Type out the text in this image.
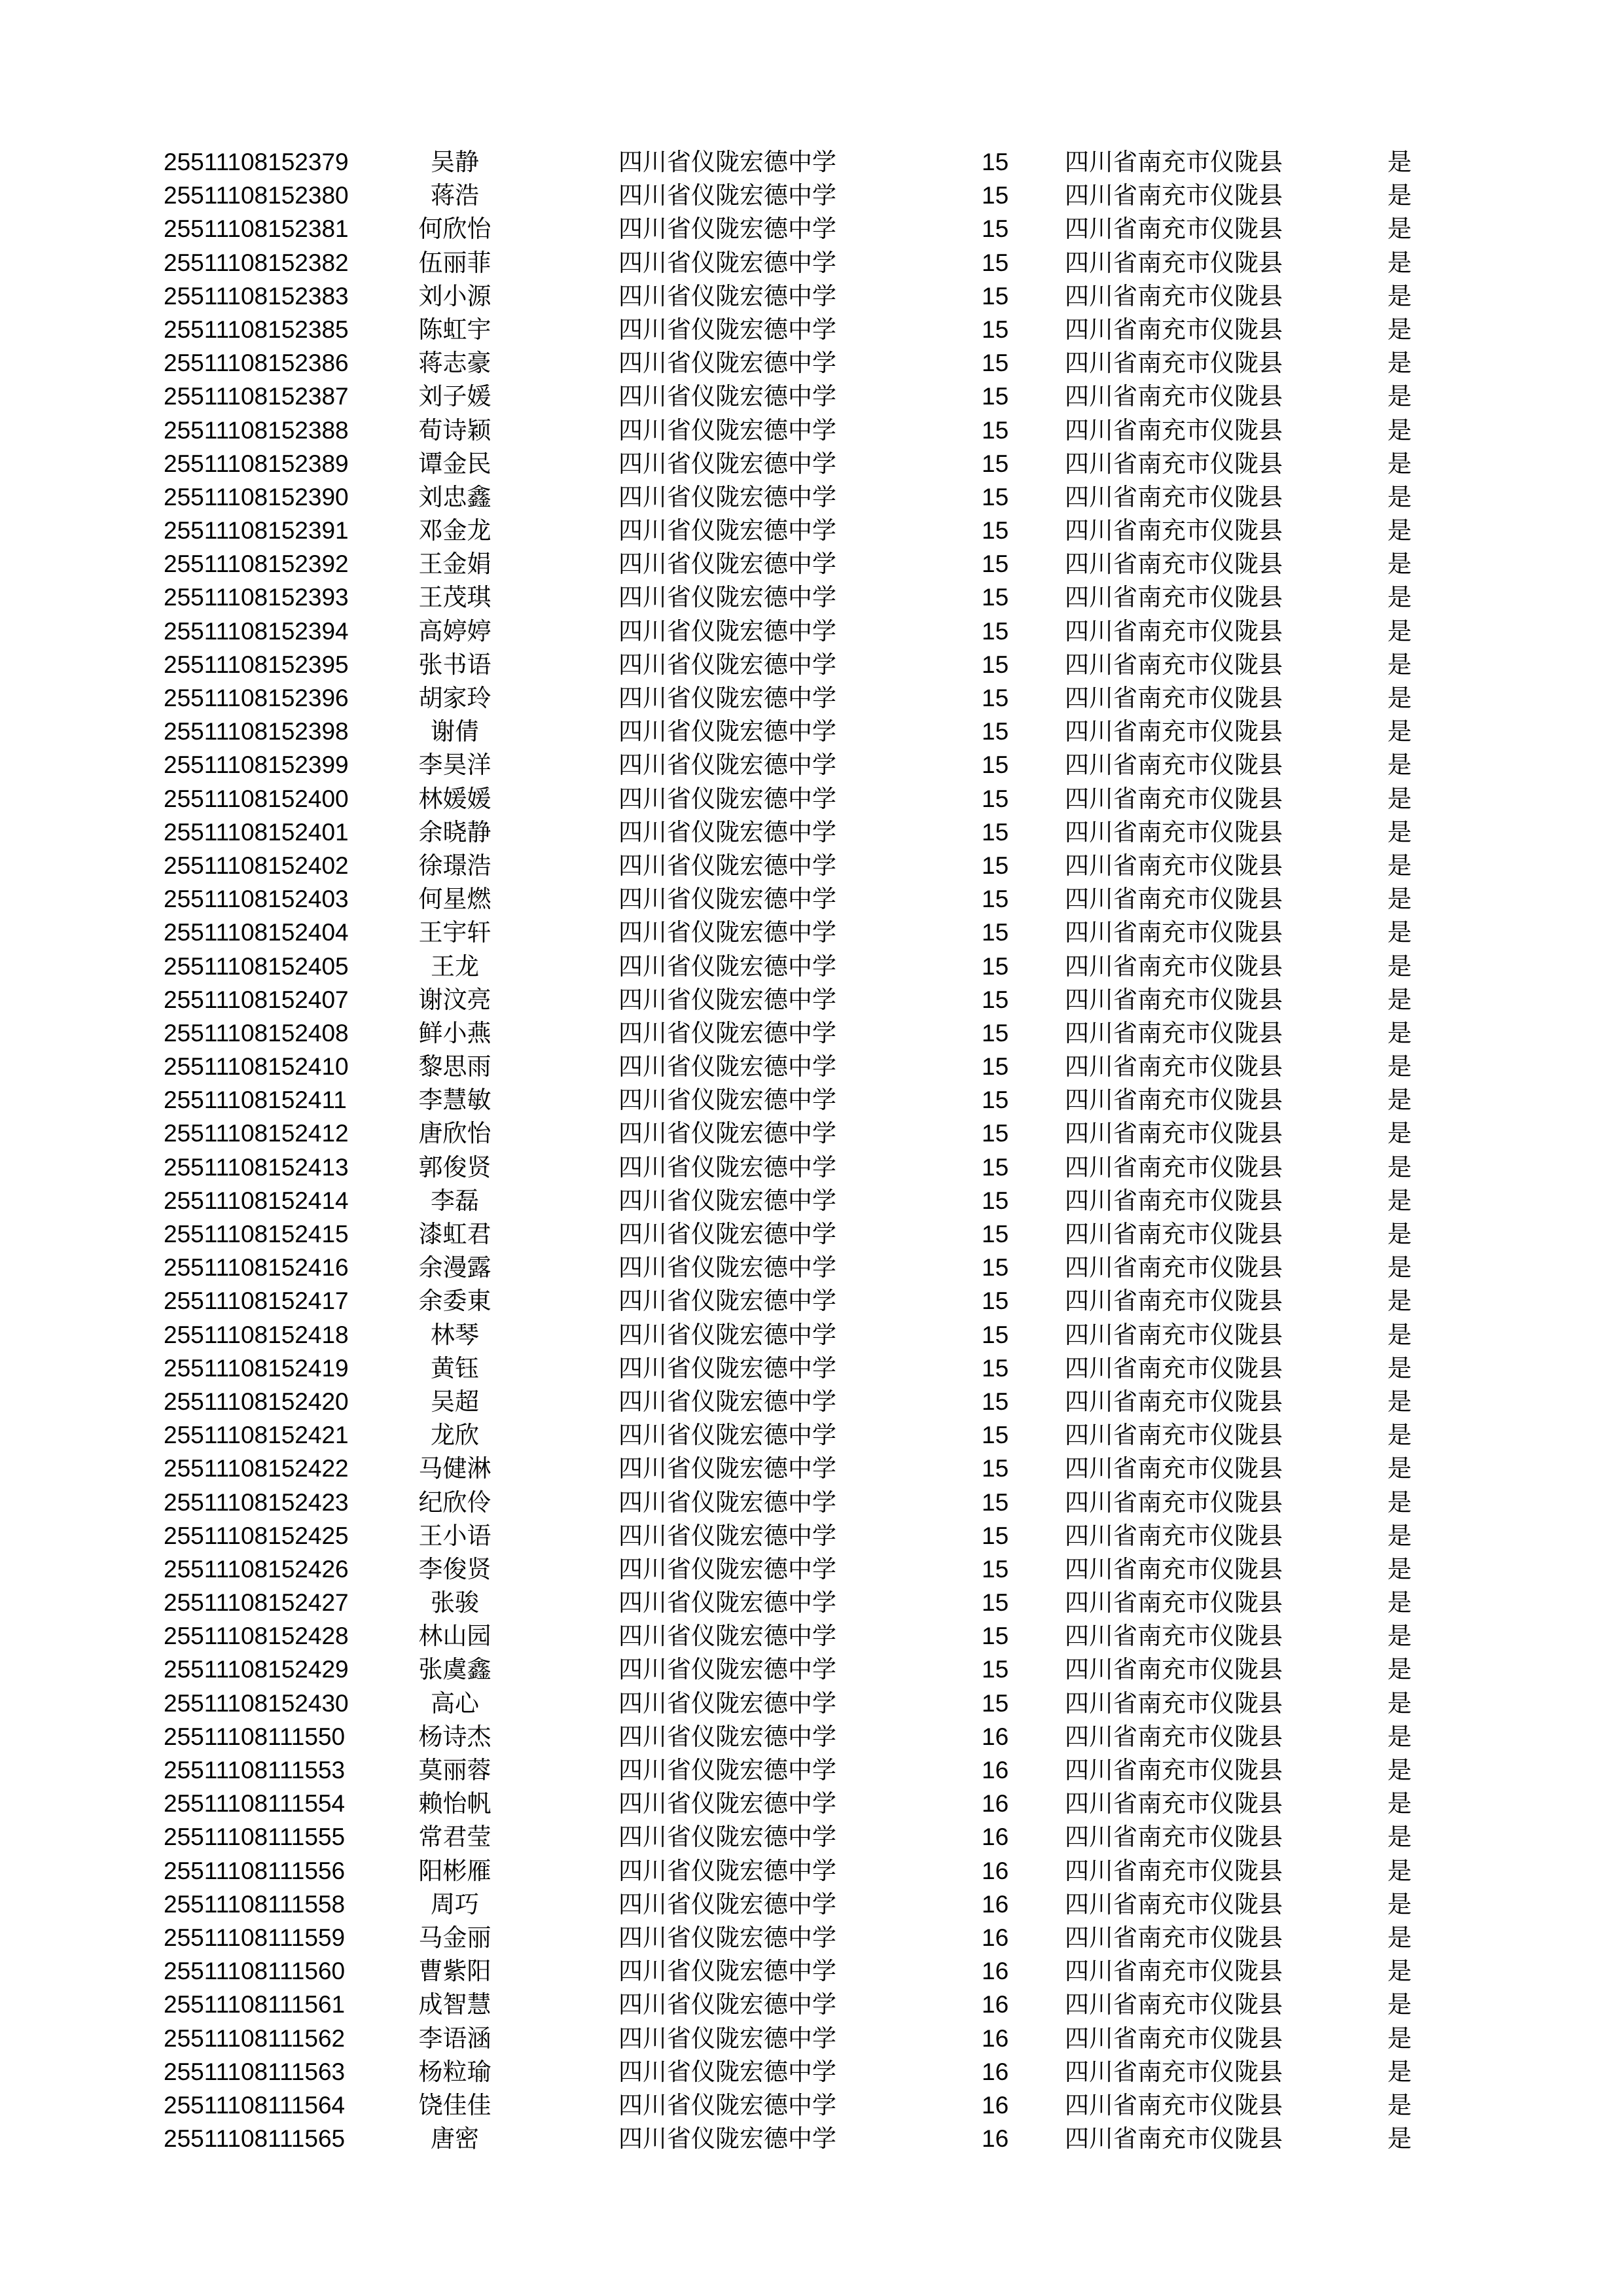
25511108152379	吴静	四川省仪陇宏德中学	15	四川省南充市仪陇县	是
25511108152380	蒋浩	四川省仪陇宏德中学	15	四川省南充市仪陇县	是
25511108152381	何欣怡	四川省仪陇宏德中学	15	四川省南充市仪陇县	是
25511108152382	伍丽菲	四川省仪陇宏德中学	15	四川省南充市仪陇县	是
25511108152383	刘小源	四川省仪陇宏德中学	15	四川省南充市仪陇县	是
25511108152385	陈虹宇	四川省仪陇宏德中学	15	四川省南充市仪陇县	是
25511108152386	蒋志豪	四川省仪陇宏德中学	15	四川省南充市仪陇县	是
25511108152387	刘子媛	四川省仪陇宏德中学	15	四川省南充市仪陇县	是
25511108152388	荀诗颖	四川省仪陇宏德中学	15	四川省南充市仪陇县	是
25511108152389	谭金民	四川省仪陇宏德中学	15	四川省南充市仪陇县	是
25511108152390	刘忠鑫	四川省仪陇宏德中学	15	四川省南充市仪陇县	是
25511108152391	邓金龙	四川省仪陇宏德中学	15	四川省南充市仪陇县	是
25511108152392	王金娟	四川省仪陇宏德中学	15	四川省南充市仪陇县	是
25511108152393	王茂琪	四川省仪陇宏德中学	15	四川省南充市仪陇县	是
25511108152394	高婷婷	四川省仪陇宏德中学	15	四川省南充市仪陇县	是
25511108152395	张书语	四川省仪陇宏德中学	15	四川省南充市仪陇县	是
25511108152396	胡家玲	四川省仪陇宏德中学	15	四川省南充市仪陇县	是
25511108152398	谢倩	四川省仪陇宏德中学	15	四川省南充市仪陇县	是
25511108152399	李昊洋	四川省仪陇宏德中学	15	四川省南充市仪陇县	是
25511108152400	林媛媛	四川省仪陇宏德中学	15	四川省南充市仪陇县	是
25511108152401	余晓静	四川省仪陇宏德中学	15	四川省南充市仪陇县	是
25511108152402	徐璟浩	四川省仪陇宏德中学	15	四川省南充市仪陇县	是
25511108152403	何星燃	四川省仪陇宏德中学	15	四川省南充市仪陇县	是
25511108152404	王宇轩	四川省仪陇宏德中学	15	四川省南充市仪陇县	是
25511108152405	王龙	四川省仪陇宏德中学	15	四川省南充市仪陇县	是
25511108152407	谢汶亮	四川省仪陇宏德中学	15	四川省南充市仪陇县	是
25511108152408	鲜小燕	四川省仪陇宏德中学	15	四川省南充市仪陇县	是
25511108152410	黎思雨	四川省仪陇宏德中学	15	四川省南充市仪陇县	是
25511108152411	李慧敏	四川省仪陇宏德中学	15	四川省南充市仪陇县	是
25511108152412	唐欣怡	四川省仪陇宏德中学	15	四川省南充市仪陇县	是
25511108152413	郭俊贤	四川省仪陇宏德中学	15	四川省南充市仪陇县	是
25511108152414	李磊	四川省仪陇宏德中学	15	四川省南充市仪陇县	是
25511108152415	漆虹君	四川省仪陇宏德中学	15	四川省南充市仪陇县	是
25511108152416	余漫露	四川省仪陇宏德中学	15	四川省南充市仪陇县	是
25511108152417	余委東	四川省仪陇宏德中学	15	四川省南充市仪陇县	是
25511108152418	林琴	四川省仪陇宏德中学	15	四川省南充市仪陇县	是
25511108152419	黄钰	四川省仪陇宏德中学	15	四川省南充市仪陇县	是
25511108152420	吴超	四川省仪陇宏德中学	15	四川省南充市仪陇县	是
25511108152421	龙欣	四川省仪陇宏德中学	15	四川省南充市仪陇县	是
25511108152422	马健淋	四川省仪陇宏德中学	15	四川省南充市仪陇县	是
25511108152423	纪欣伶	四川省仪陇宏德中学	15	四川省南充市仪陇县	是
25511108152425	王小语	四川省仪陇宏德中学	15	四川省南充市仪陇县	是
25511108152426	李俊贤	四川省仪陇宏德中学	15	四川省南充市仪陇县	是
25511108152427	张骏	四川省仪陇宏德中学	15	四川省南充市仪陇县	是
25511108152428	林山园	四川省仪陇宏德中学	15	四川省南充市仪陇县	是
25511108152429	张虞鑫	四川省仪陇宏德中学	15	四川省南充市仪陇县	是
25511108152430	高心	四川省仪陇宏德中学	15	四川省南充市仪陇县	是
25511108111550	杨诗杰	四川省仪陇宏德中学	16	四川省南充市仪陇县	是
25511108111553	莫丽蓉	四川省仪陇宏德中学	16	四川省南充市仪陇县	是
25511108111554	赖怡帆	四川省仪陇宏德中学	16	四川省南充市仪陇县	是
25511108111555	常君莹	四川省仪陇宏德中学	16	四川省南充市仪陇县	是
25511108111556	阳彬雁	四川省仪陇宏德中学	16	四川省南充市仪陇县	是
25511108111558	周巧	四川省仪陇宏德中学	16	四川省南充市仪陇县	是
25511108111559	马金丽	四川省仪陇宏德中学	16	四川省南充市仪陇县	是
25511108111560	曹紫阳	四川省仪陇宏德中学	16	四川省南充市仪陇县	是
25511108111561	成智慧	四川省仪陇宏德中学	16	四川省南充市仪陇县	是
25511108111562	李语涵	四川省仪陇宏德中学	16	四川省南充市仪陇县	是
25511108111563	杨粒瑜	四川省仪陇宏德中学	16	四川省南充市仪陇县	是
25511108111564	饶佳佳	四川省仪陇宏德中学	16	四川省南充市仪陇县	是
25511108111565	唐密	四川省仪陇宏德中学	16	四川省南充市仪陇县	是
